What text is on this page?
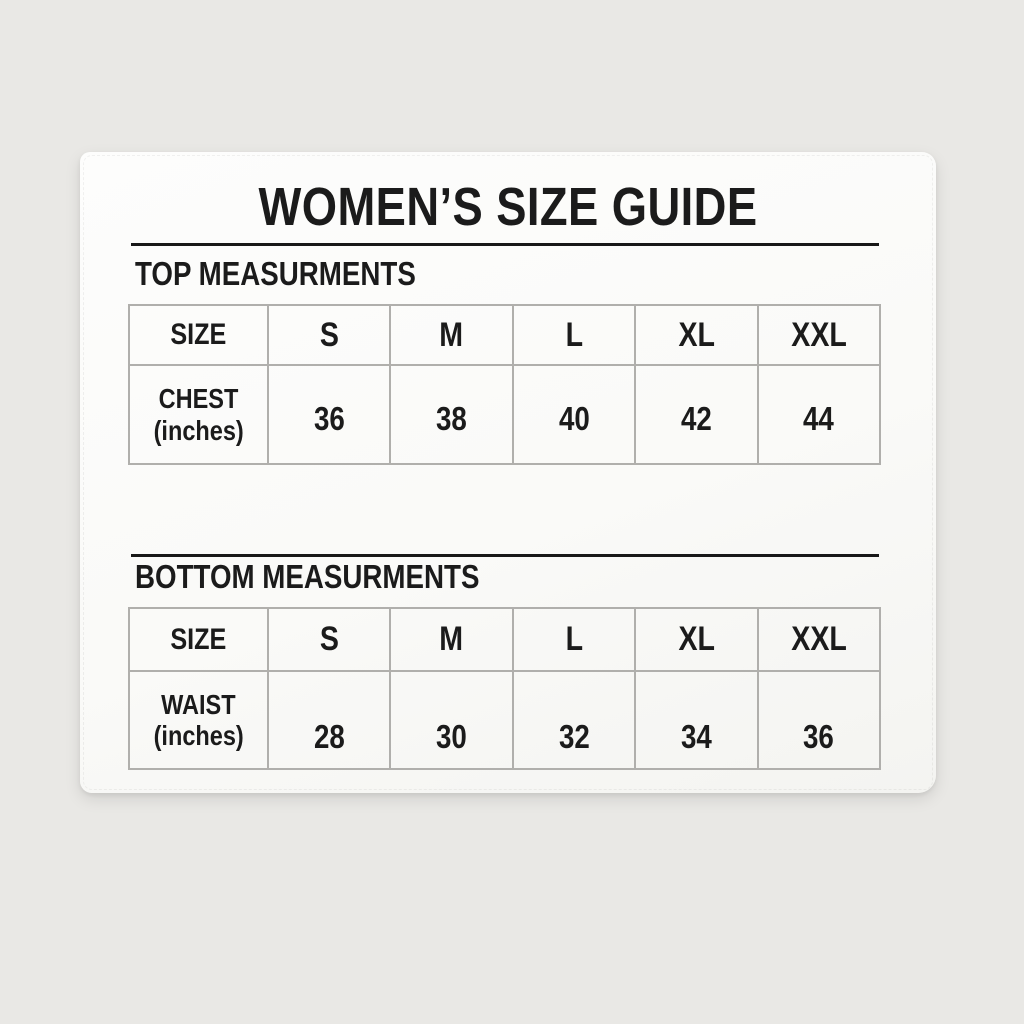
WOMEN’S SIZE GUIDE
TOP MEASURMENTS
SIZE	S	M	L	XL	XXL

CHEST
(inches)	36	38	40	42	44
BOTTOM MEASURMENTS
SIZE	S	M	L	XL	XXL

WAIST
(inches)	28	30	32	34	36
